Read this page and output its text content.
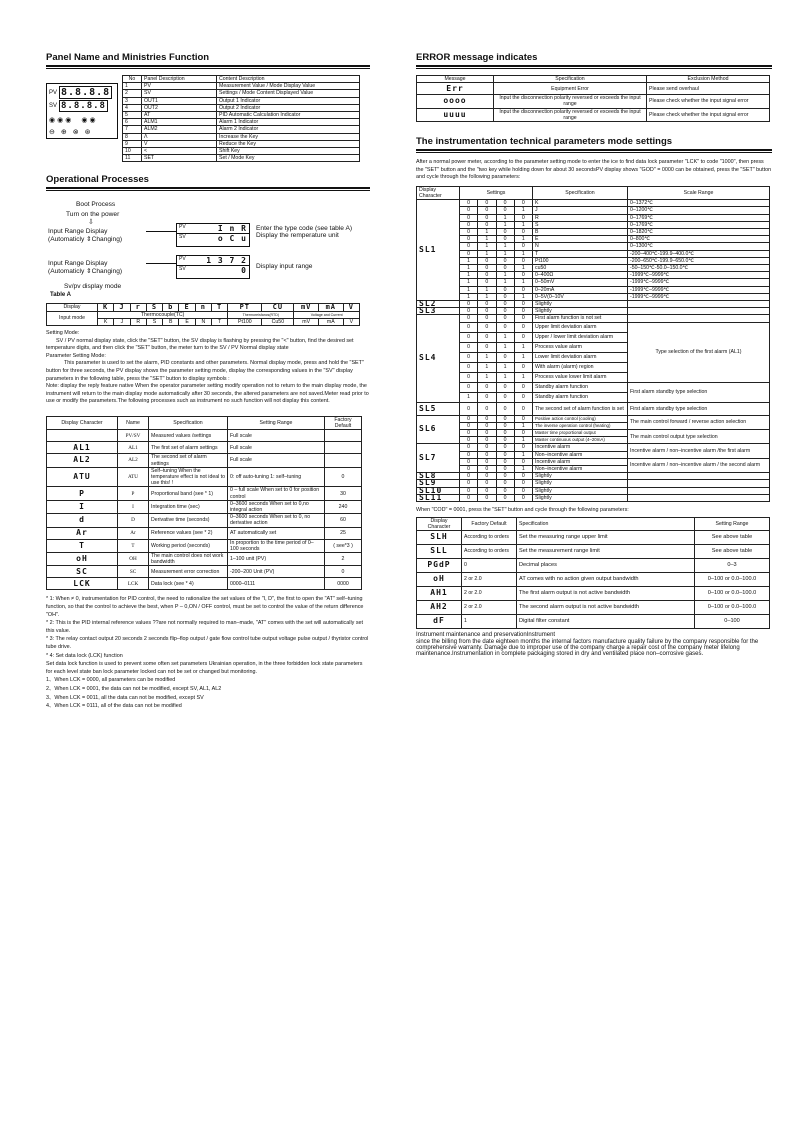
Panel Name and Ministries Function
PV 8.8.8.8
SV 8.8.8.8
◉ ◉ ◉ ◉ ◉
⊖ ⊕ ⊗ ⊛
No	Panel Description	Content Description
1	PV	Measurement Value / Mode Display Value
2	SV	Settings / Mode Content Displayed Value
3	OUT1	Output 1 Indicator
4	OUT2	Output 2 Indicator
5	AT	PID Automatic Calculation Indicator
6	ALM1	Alarm 1 Indicator
7	ALM2	Alarm 2 Indicator
8	Λ	Increase the Key
9	V	Reduce the Key
10	<	Shift Key
11	SET	Set / Mode Key
Operational Processes
Boot Process
Turn on the power
⇩
Input Range Display
(Automaticly ⇕Changing)
PV	I n R
SV	o C u
Enter the type code (see table A)
Display the remperature unit
Input Range Display
(Automaticly ⇕Changing)
PV	1 3 7 2
SV	0 Display input range
Sv/pv display mode
Table A
Display	K	J	r	S	b	E	n	T	PT	CU	mV	mA	V
Input mode	Thermocouple(TC)								Thermoreisfancs(RTD)		Voltage and Current		
	K	J	R	S	B	E	N	T	Pt100	Cu50	mV	mA	V

Setting Mode:

SV / PV normal display state, click the "SET" button, the SV display is flashing by pressing the "<" button, find the desired set temperature digits, and then click the "SET" button, the meter turn to the SV / PV Normal display state

Parameter Setting Mode:

This parameter is used to set the alarm, PID constants and other parameters. Normal display mode, press and hold the "SET" button for three seconds, the PV display shows the parameter setting mode, display the corresponding values in the "SV" display parameters in the following table, press the "SET" button to display symbols :

Note: display the reply feature native When the operator parameter setting modify operation not to return to the main display mode, the instrument will return to the main display mode automatically after 30 seconds, the altered parameters are not saved.Meter read prior to use or modify the parameters.The following processes such as instrument no such function will not display this content.

Display Character	Name	Specification	Setting Range	Factory Default
	PV/SV	Measured values /settings	Full scale	
AL1	AL1	The first set of alarm settings	Full scale	
AL2	AL2	The second set of alarm settings	Full scale	
ATU	ATU	Self–tuning When the temperature effect is not ideal to use this! !	0: off auto-tuning 1: self–tuning	0
P	P	Proportional band (see * 1)	0 – full scale When set to 0 for position control	30
I	I	Integration time (sec)	0–3600 seconds When set to 0,no integral action	240
d	D	Derivative time (seconds)	0–3600 seconds When set to 0, no derivative action	60
Ar	Ar	Reference values (see * 2)	AT automatically set	25
T	T	Working period (seconds)	In proportion to the time period of 0–100 seconds	( see*3 )
oH	OH	The main control does not work bandwidth	1–100 unit (PV)	2
SC	SC	Measurement error correction	-200–200 Unit (PV)	0
LCK	LCK	Data lock (see * 4)	0000–0111	0000

* 1: When ≠ 0, instrumentation for PID control, the need to rationalize the set values of the "I, D", the first to open the "AT" self–tuning function, so that the control to achieve the best, when P – 0,ON / OFF control, must be set to control the value of the return difference "OH".

* 2: This is the PID internal reference values ??are not normally required to man–made, "AT" comes with the set will automatically set this value.

* 3: The relay contact output 20 seconds 2 seconds flip–flop output / gate flow control tube output voltage pulse output / thyristor control tube drive.

* 4: Set data lock (LCK) function

Set data lock function is used to prevent some often set parameters Ukrainian operation, in the three forbidden lock state parameters for each level state ban lock parameter locked can not be set or changed but monitoring.

1、When LCK = 0000, all parameters can be modified

2、When LCK = 0001, the data can not be modified, except SV, AL1, AL2

3、When LCK = 0011, all the data can not be modified, except SV

4、When LCK = 0111, all of the data can not be modified

ERROR message indicates
Message	Specification	Exclusion Method
Err	Equipment Error	Please send overhaul
oooo	Input the disconnection polarity reversed or exceeds the input range	Please check whether the input signal error
uuuu	Input the disconnection polarity reversed or exceeds the input range	Please check whether the input signal error
The instrumentation technical parameters mode settings

After a normal power meter, according to the parameter setting mode to enter the ice to find data lock parameter "LCK" to code "1000", then press the "SET" button and the "two key while holding down for about 30 secondsPV display shows "GOD" = 0000 can be obtained, press the "SET" button and cycle through the following parameters:

Display Character	Settings				Specification	Scale Range
SL1	0	0	0	0	K	0–1372℃
	0	0	0	1	J	0–1200℃
	0	0	1	0	R	0–1769℃
	0	0	1	1	S	0–1769℃
	0	1	0	0	B	0–1820℃
	0	1	0	1	E	0–800℃
	0	1	1	0	N	0–1300℃
	0	1	1	1	T	-200–400℃-199.9–400.0℃
	1	0	0	0	Pt100	-200–650℃-199.9–650.0℃
	1	0	0	1	cu50	-50–150℃-50.0–150.0℃
	1	0	1	0	0–400Ω	-1999℃–9999℃
	1	0	1	1	0–50mV	-1999℃–9999℃
	1	1	0	0	0–20mA	-1999℃–9999℃
	1	1	0	1	0–5V(0–10V	-1999℃–9999℃
SL2	0	0	0	0	Slightly	
SL3	0	0	0	0	Slightly	
SL4	0	0	0	0	First alarm function is not set	
	0	0	0	0	Upper limit deviation alarm	Type selection of the first alarm (AL1)
	0	0	1	0	Upper / lower limit deviation alarm	
	0	0	1	1	Process value alarm	
	0	1	0	1	Lower limit deviation alarm	
	0	1	1	0	With alarm (alarm) region	
	0	1	1	1	Process value lower limit alarm	
	0	0	0	0	Standby alarm function	First alarm standby type selection
	1	0	0	0	Standby alarm function	
SL5	0	0	0	0	The second set of alarm function is set	First alarm standby type selection
SL6	0	0	0	0	Positive action control (cooling)	The main control forward / reverse action selection
	0	0	0	1	The inverse operation control (heating)	
	0	0	0	0	Master time proportional output	The main control output type selection
	0	0	0	1	Master continuous output (4–20mA)	
SL7	0	0	0	0	Incentive alarm	Incentive alarm / non–incentive alarm /the first alarm
	0	0	0	1	Non–incentive alarm	
	0	0	0	0	Incentive alarm	Incentive alarm / non–incentive alarm / the second alarm
	0	0	0	1	Non–incentive alarm	
SL8	0	0	0	0	Slightly	
SL9	0	0	0	0	Slightly	
SL10	0	0	0	0	Slightly	
SL11	0	0	0	0	Slightly	

When "COD" = 0001, press the "SET" button and cycle through the following parameters:

Display Character	Factory Default	Specification	Setting Range
SLH	According to orders	Set the measuring range upper limit	See above table
SLL	According to orders	Set the measurement range limit	See above table
PGdP	0	Decimal places	0–3
oH	2 or 2.0	AT comes with no action given output bandwidth	0–100 or 0.0–100.0
AH1	2 or 2.0	The first alarm output is not active bandwidth	0–100 or 0.0–100.0
AH2	2 or 2.0	The second alarm output is not active bandwidth	0–100 or 0.0–100.0
dF	1	Digital filter constant	0–100

Instrument maintenance and preservationInstrument

since the billing from the date eighteen months the internal factors manufacture quality failure by the company responsible for the comprehensive warranty. Damage due to improper use of the company charge a repair cost of the company meter lifelong maintenance.Instrumentation in complete packaging stored in dry and ventilated place non–corrosive gases.
